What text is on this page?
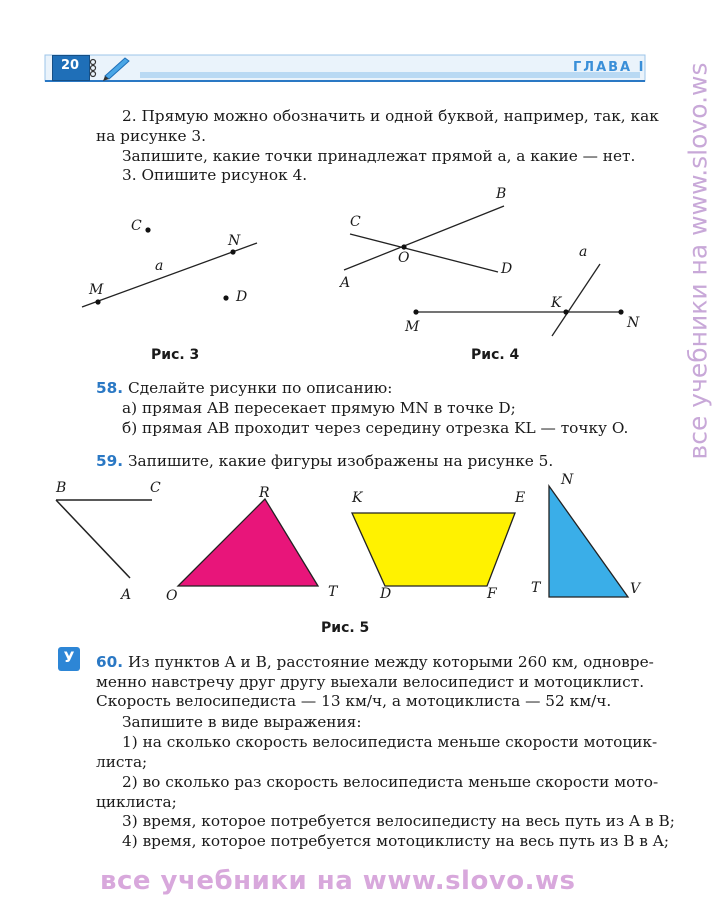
20	ГЛАВА I
2. Прямую можно обозначить и одной буквой, например, так, как
на рисунке 3.
Запишите, какие точки принадлежат прямой a, а какие — нет.
3. Опишите рисунок 4.
C
N
a
M	D
Рис. 3
B
C
O
A
D
a
K
M	N
Рис. 4
58. Сделайте рисунки по описанию:
а) прямая AB пересекает прямую MN в точке D;
б) прямая AB проходит через середину отрезка KL — точку O.
59. Запишите, какие фигуры изображены на рисунке 5.
B	C
A
R
O	T
K	E
D	F
N
T	V
Рис. 5
У	60. Из пунктов A и B, расстояние между которыми 260 км, одновре-
менно навстречу друг другу выехали велосипедист и мотоциклист.
Скорость велосипедиста — 13 км/ч, а мотоциклиста — 52 км/ч.
Запишите в виде выражения:
1) на сколько скорость велосипедиста меньше скорости мотоцик-
листа;
2) во сколько раз скорость велосипедиста меньше скорости мото-
циклиста;
3) время, которое потребуется велосипедисту на весь путь из A в B;
4) время, которое потребуется мотоциклисту на весь путь из B в A;
все учебники на www.slovo.ws
все учебники на www.slovo.ws
